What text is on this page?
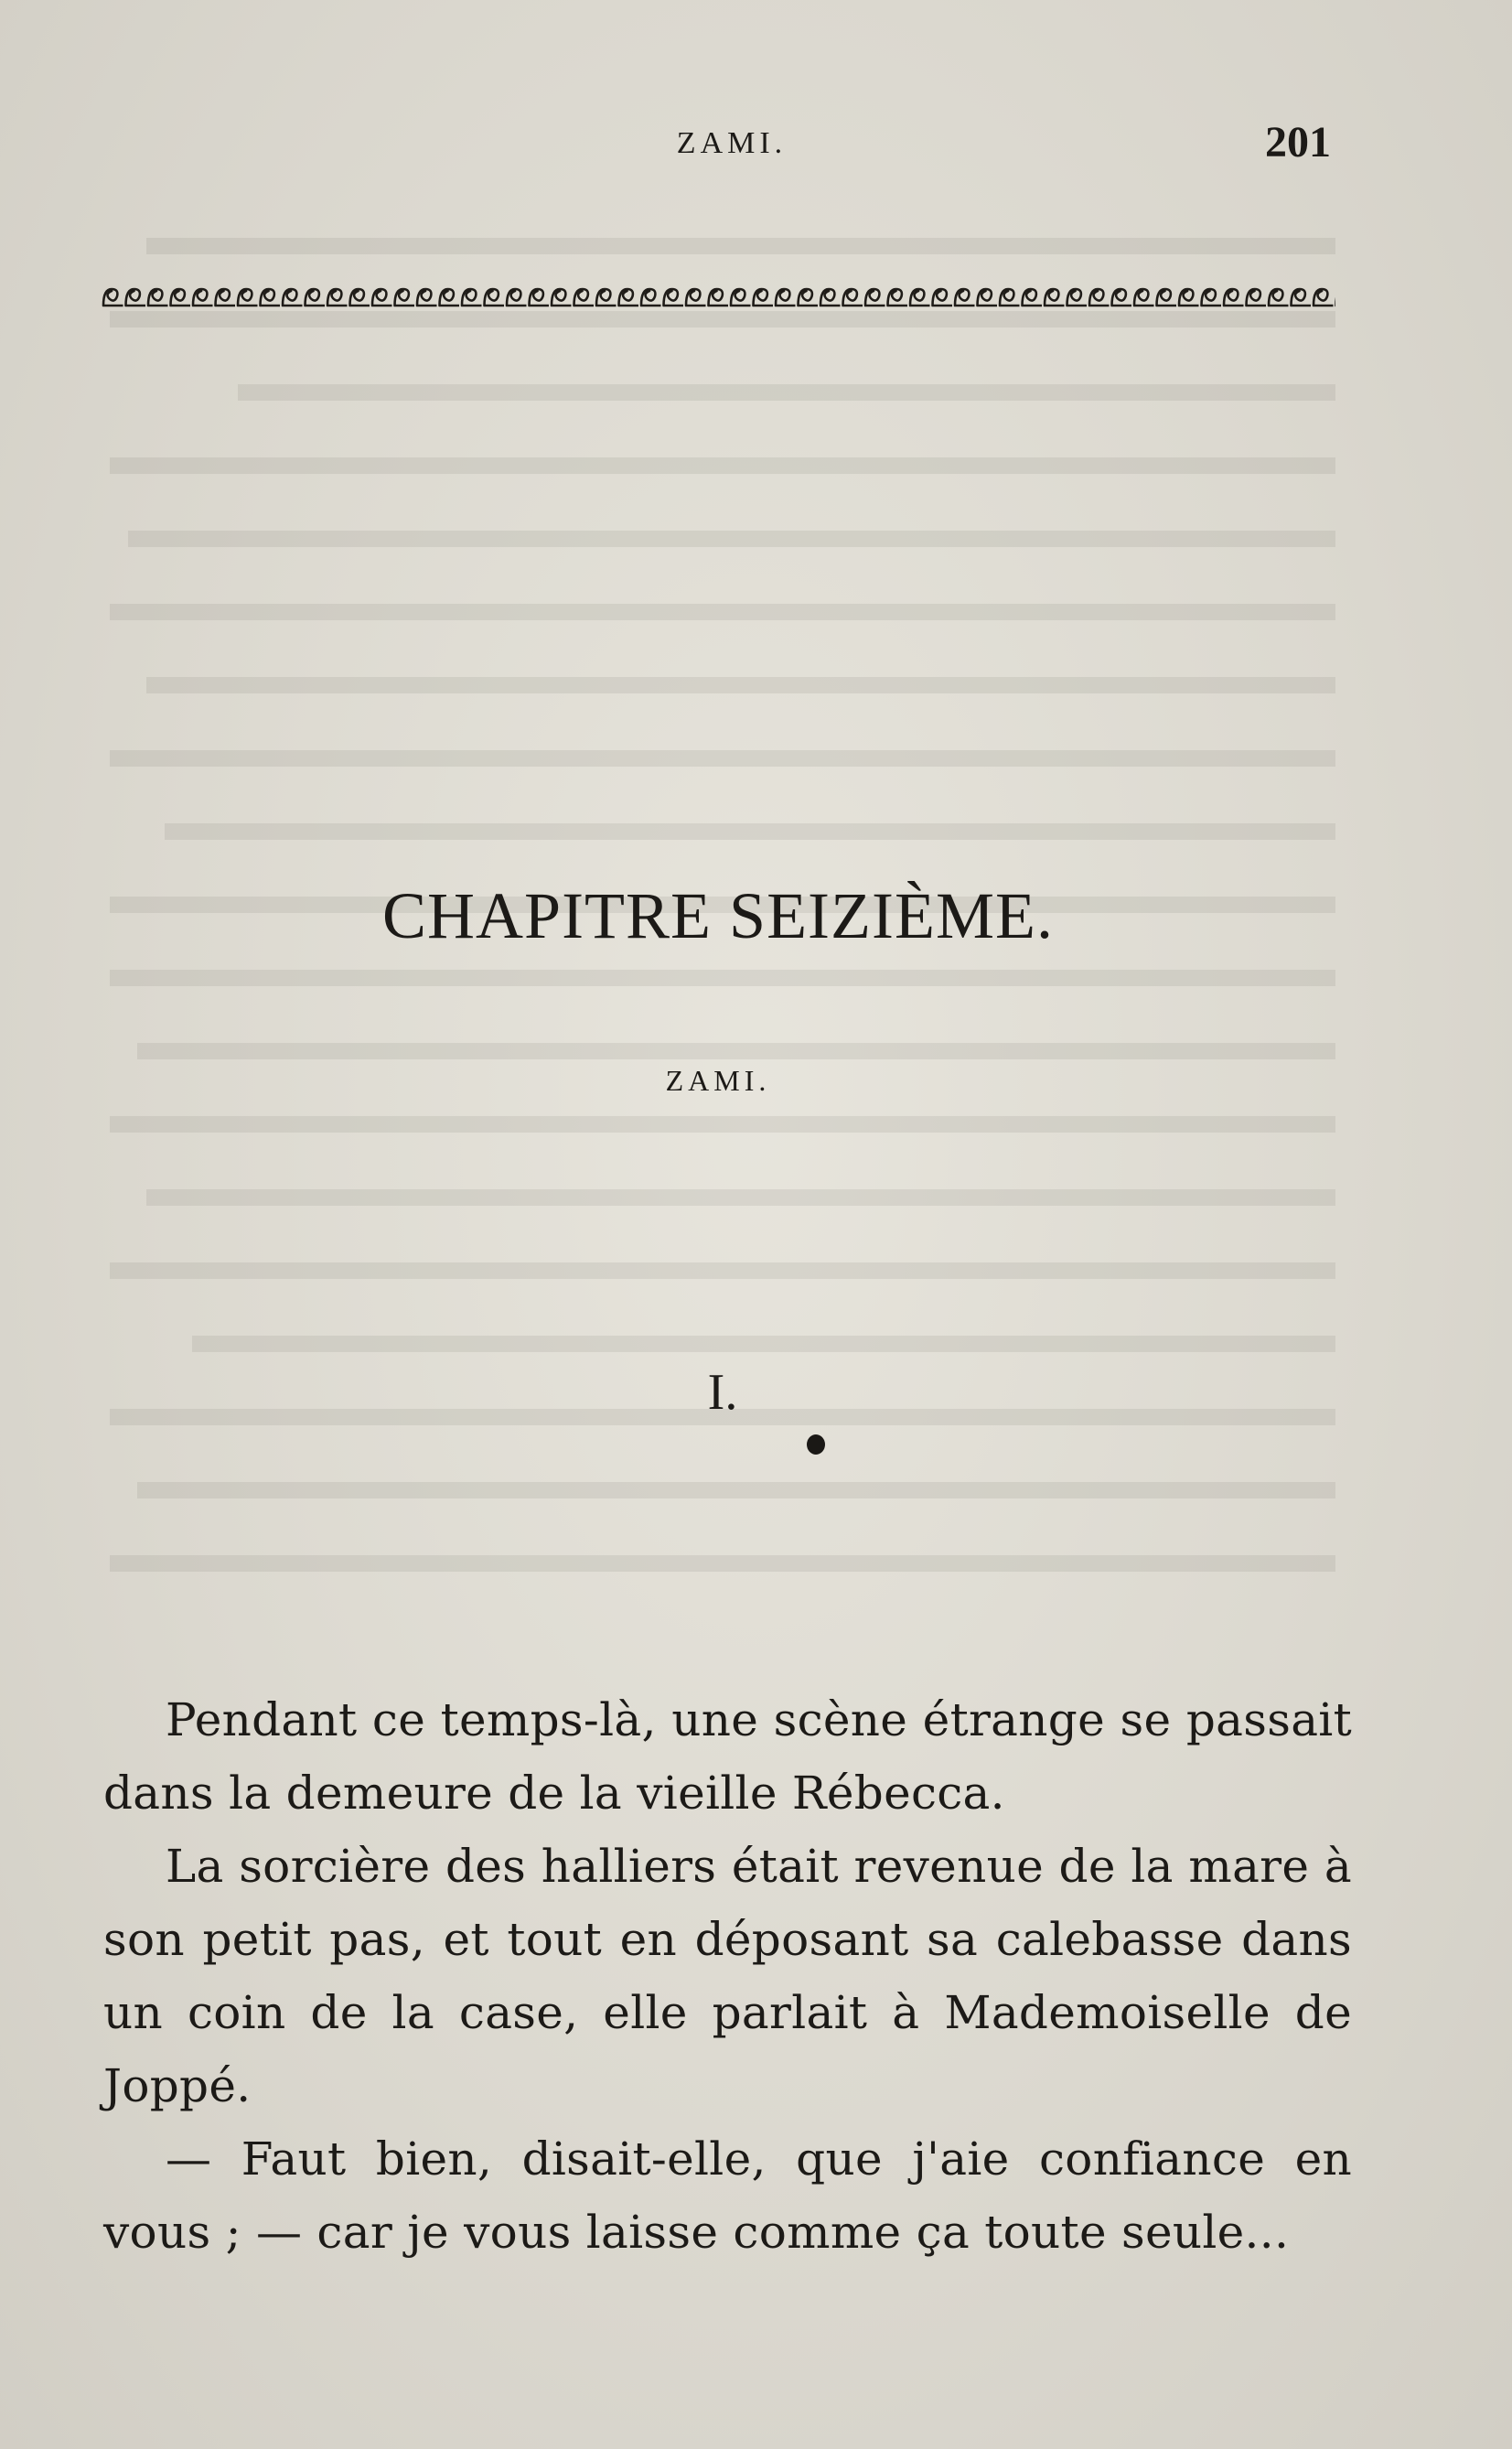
ZAMI.	201
CHAPITRE SEIZIÈME.
ZAMI.
I.

Pendant ce temps-là, une scène étrange se passait dans la demeure de la vieille Rébecca.

La sorcière des halliers était revenue de la mare à son petit pas, et tout en déposant sa calebasse dans un coin de la case, elle parlait à Mademoiselle de Joppé.

— Faut bien, disait-elle, que j'aie confiance en vous ; — car je vous laisse comme ça toute seule...
